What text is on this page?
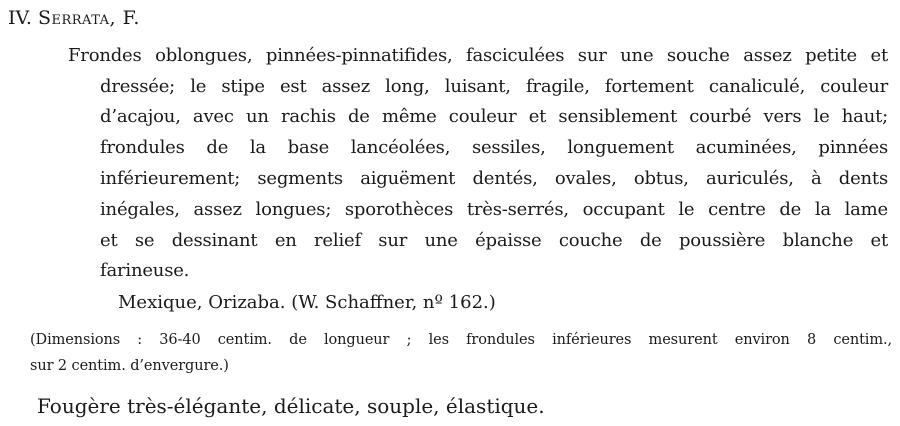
IV. Serrata, F.
Frondes oblongues, pinnées-pinnatifides, fasciculées sur une souche assez petite et
dressée; le stipe est assez long, luisant, fragile, fortement canaliculé, couleur
d’acajou, avec un rachis de même couleur et sensiblement courbé vers le haut;
frondules de la base lancéolées, sessiles, longuement acuminées, pinnées
inférieurement; segments aiguëment dentés, ovales, obtus, auriculés, à dents
inégales, assez longues; sporothèces très-serrés, occupant le centre de la lame
et se dessinant en relief sur une épaisse couche de poussière blanche et
farineuse.
Mexique, Orizaba. (W. Schaffner, nº 162.)
(Dimensions : 36-40 centim. de longueur ; les frondules inférieures mesurent environ 8 centim.,
sur 2 centim. d’envergure.)
Fougère très-élégante, délicate, souple, élastique.
